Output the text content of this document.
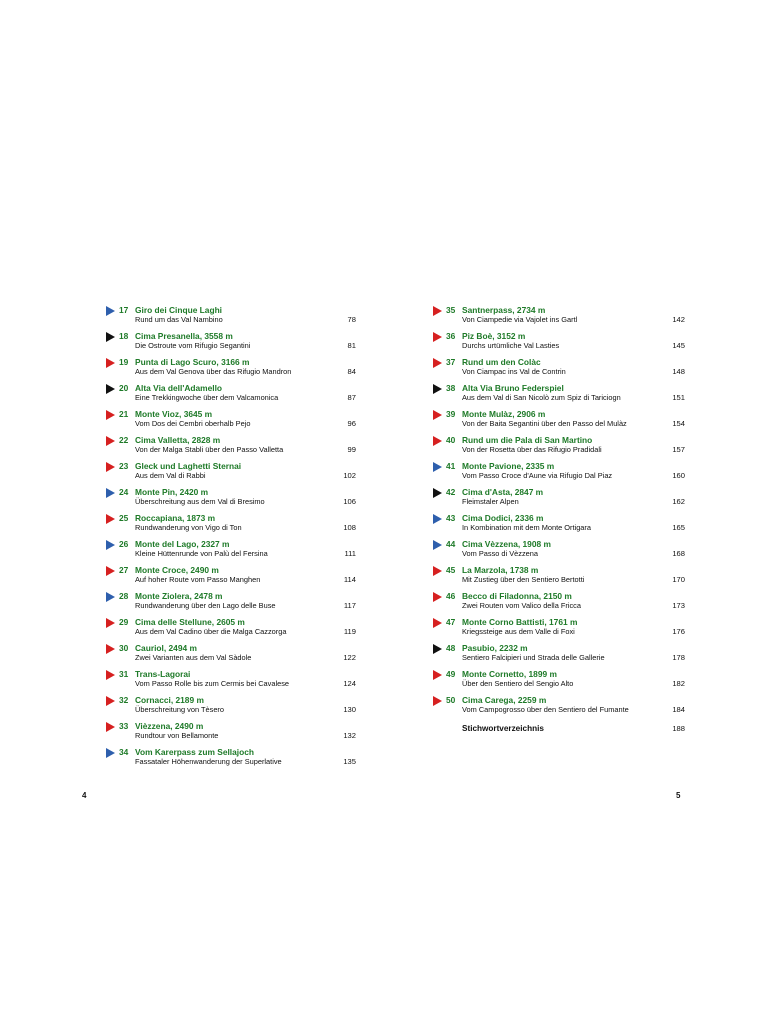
17 Giro dei Cinque Laghi
Rund um das Val Nambino	78
18 Cima Presanella, 3558 m
Die Ostroute vom Rifugio Segantini	81
19 Punta di Lago Scuro, 3166 m
Aus dem Val Genova über das Rifugio Mandron	84
20 Alta Via dell'Adamello
Eine Trekkingwoche über dem Valcamonica	87
21 Monte Vioz, 3645 m
Vom Dos dei Cembri oberhalb Pejo	96
22 Cima Valletta, 2828 m
Von der Malga Stabli über den Passo Valletta	99
23 Gleck und Laghetti Sternai
Aus dem Val di Rabbi	102
24 Monte Pin, 2420 m
Überschreitung aus dem Val di Bresimo	106
25 Roccapiana, 1873 m
Rundwanderung von Vigo di Ton	108
26 Monte del Lago, 2327 m
Kleine Hüttenrunde von Palù del Fersina	111
27 Monte Croce, 2490 m
Auf hoher Route vom Passo Manghen	114
28 Monte Ziolera, 2478 m
Rundwanderung über den Lago delle Buse	117
29 Cima delle Stellune, 2605 m
Aus dem Val Cadino über die Malga Cazzorga	119
30 Cauriol, 2494 m
Zwei Varianten aus dem Val Sàdole	122
31 Trans-Lagorai
Vom Passo Rolle bis zum Cermis bei Cavalese	124
32 Cornacci, 2189 m
Überschreitung von Tèsero	130
33 Vièzzena, 2490 m
Rundtour von Bellamonte	132
34 Vom Karerpass zum Sellajoch
Fassataler Höhenwanderung der Superlative	135
35 Santnerpass, 2734 m
Von Ciampedie via Vajolet ins Gartl	142
36 Piz Boè, 3152 m
Durchs urtümliche Val Lasties	145
37 Rund um den Colàc
Von Ciampac ins Val de Contrin	148
38 Alta Via Bruno Federspiel
Aus dem Val di San Nicolò zum Spiz di Tariciogn	151
39 Monte Mulàz, 2906 m
Von der Baita Segantini über den Passo del Mulàz	154
40 Rund um die Pala di San Martino
Von der Rosetta über das Rifugio Pradidali	157
41 Monte Pavione, 2335 m
Vom Passo Croce d'Aune via Rifugio Dal Piaz	160
42 Cima d'Asta, 2847 m
Fleimstaler Alpen	162
43 Cima Dodici, 2336 m
In Kombination mit dem Monte Ortigara	165
44 Cima Vèzzena, 1908 m
Vom Passo di Vèzzena	168
45 La Marzola, 1738 m
Mit Zustieg über den Sentiero Bertotti	170
46 Becco di Filadonna, 2150 m
Zwei Routen vom Valico della Fricca	173
47 Monte Corno Battisti, 1761 m
Kriegssteige aus dem Valle di Foxi	176
48 Pasubio, 2232 m
Sentiero Falcipieri und Strada delle Gallerie	178
49 Monte Cornetto, 1899 m
Über den Sentiero del Sengio Alto	182
50 Cima Carega, 2259 m
Vom Campogrosso über den Sentiero del Fumante	184
Stichwortverzeichnis	188
4	5
